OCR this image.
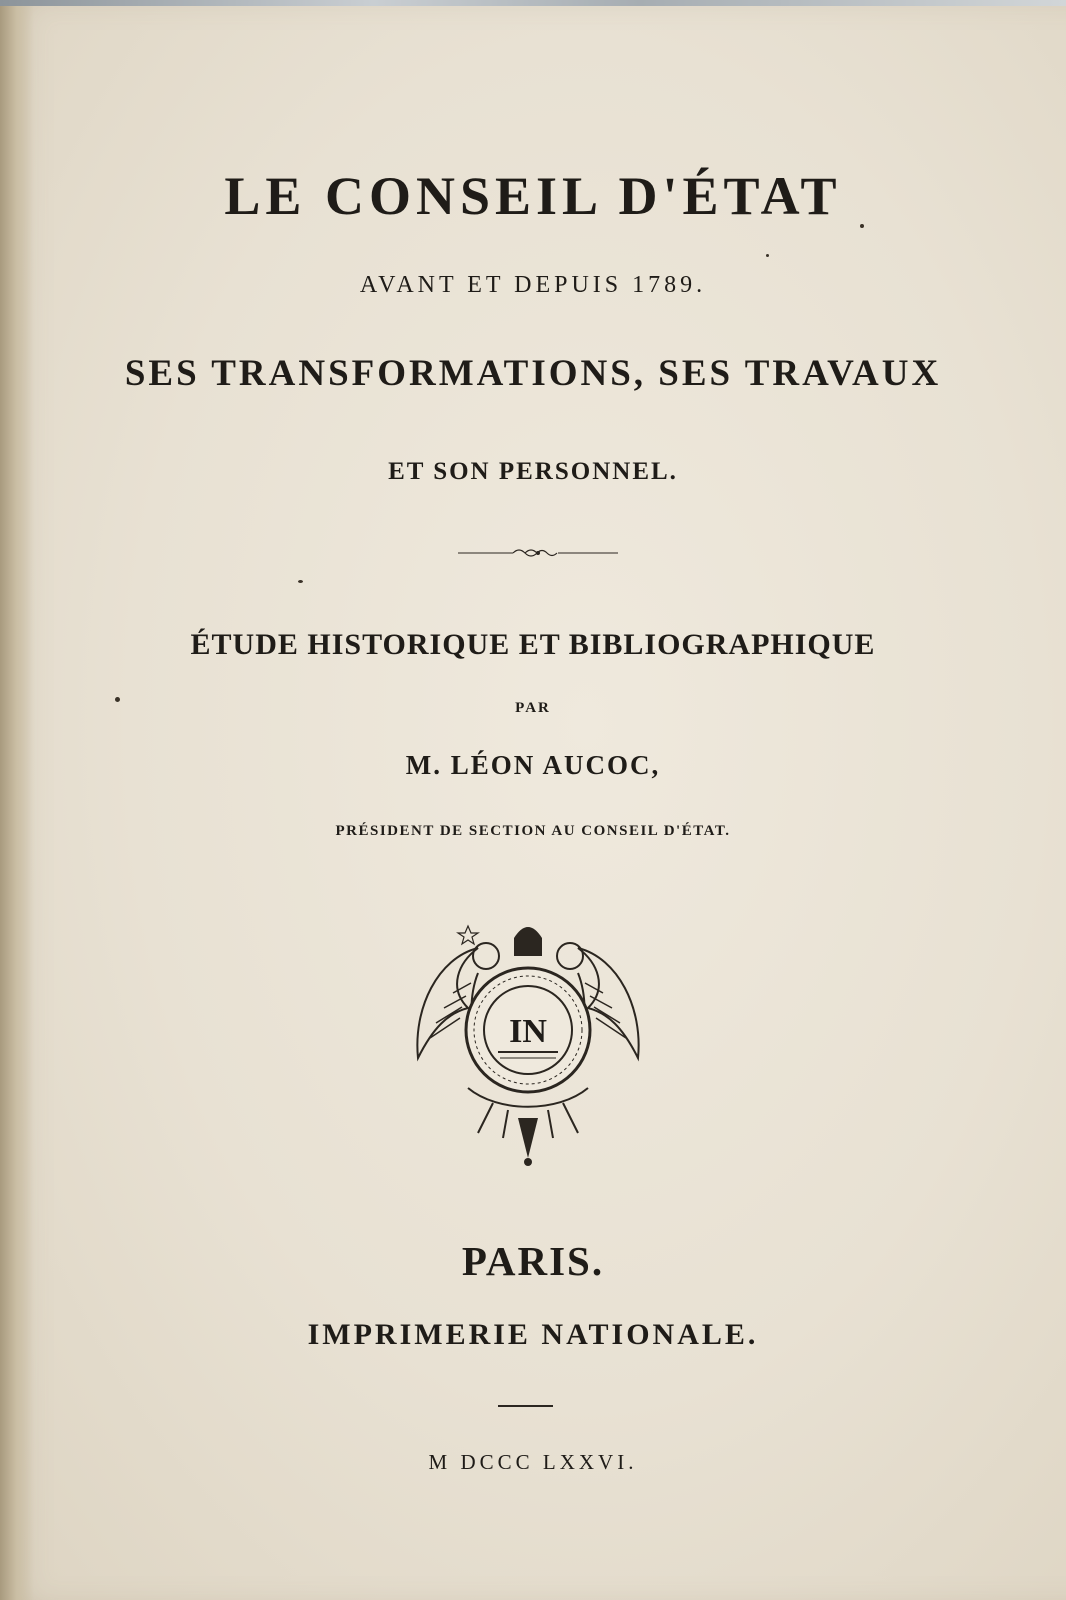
LE CONSEIL D'ÉTAT

AVANT ET DEPUIS 1789.

SES TRANSFORMATIONS, SES TRAVAUX

ET SON PERSONNEL.

ÉTUDE HISTORIQUE ET BIBLIOGRAPHIQUE

PAR

M. LÉON AUCOC,

PRÉSIDENT DE SECTION AU CONSEIL D'ÉTAT.

IN

PARIS.

IMPRIMERIE NATIONALE.

M DCCC LXXVI.
